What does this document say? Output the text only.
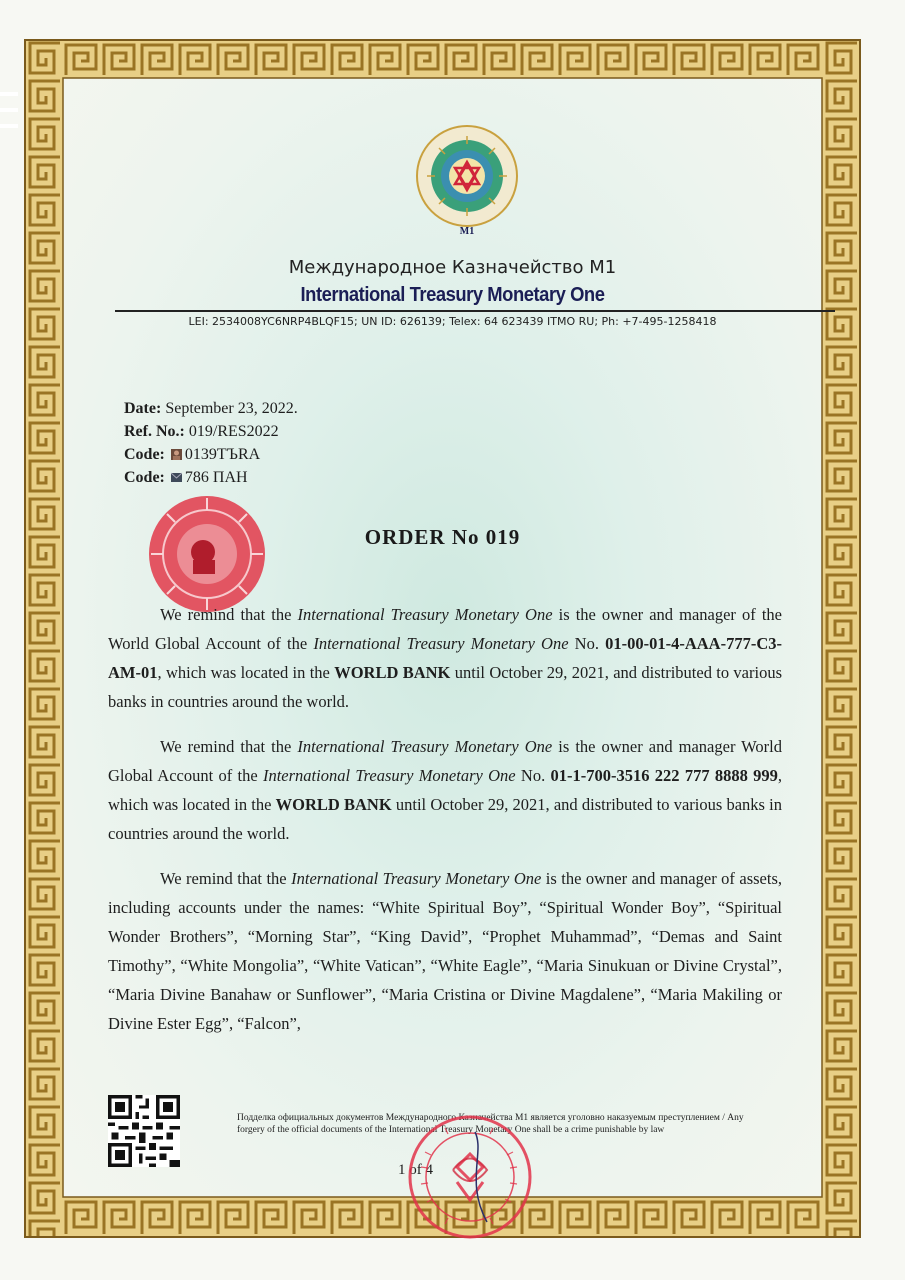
M1
Международное Казначейство М1
International Treasury Monetary One
LEI: 2534008YC6NRP4BLQF15; UN ID: 626139; Telex: 64 623439 ITMO RU; Ph: +7-495-1258418
Date: September 23, 2022.
Ref. No.: 019/RES2022
Code: 0139ТЪRA
Code: 786 ПАН
ORDER No 019

We remind that the International Treasury Monetary One is the owner and manager of the World Global Account of the International Treasury Monetary One No. 01-00-01-4-AAA-777-C3-AM-01, which was located in the WORLD BANK until October 29, 2021, and distributed to various banks in countries around the world.

We remind that the International Treasury Monetary One is the owner and manager World Global Account of the International Treasury Monetary One No. 01-1-700-3516 222 777 8888 999, which was located in the WORLD BANK until October 29, 2021, and distributed to various banks in countries around the world.

We remind that the International Treasury Monetary One is the owner and manager of assets, including accounts under the names: “White Spiritual Boy”, “Spiritual Wonder Boy”, “Spiritual Wonder Brothers”, “Morning Star”, “King David”, “Prophet Muhammad”, “Demas and Saint Timothy”, “White Mongolia”, “White Vatican”, “White Eagle”, “Maria Sinukuan or Divine Crystal”, “Maria Divine Banahaw or Sunflower”, “Maria Cristina or Divine Magdalene”, “Maria Makiling or Divine Ester Egg”, “Falcon”,

Подделка официальных документов Международного Казначейства М1 является уголовно наказуемым преступлением / Any forgery of the official documents of the International Treasury Monetary One shall be a crime punishable by law
1 of 4
